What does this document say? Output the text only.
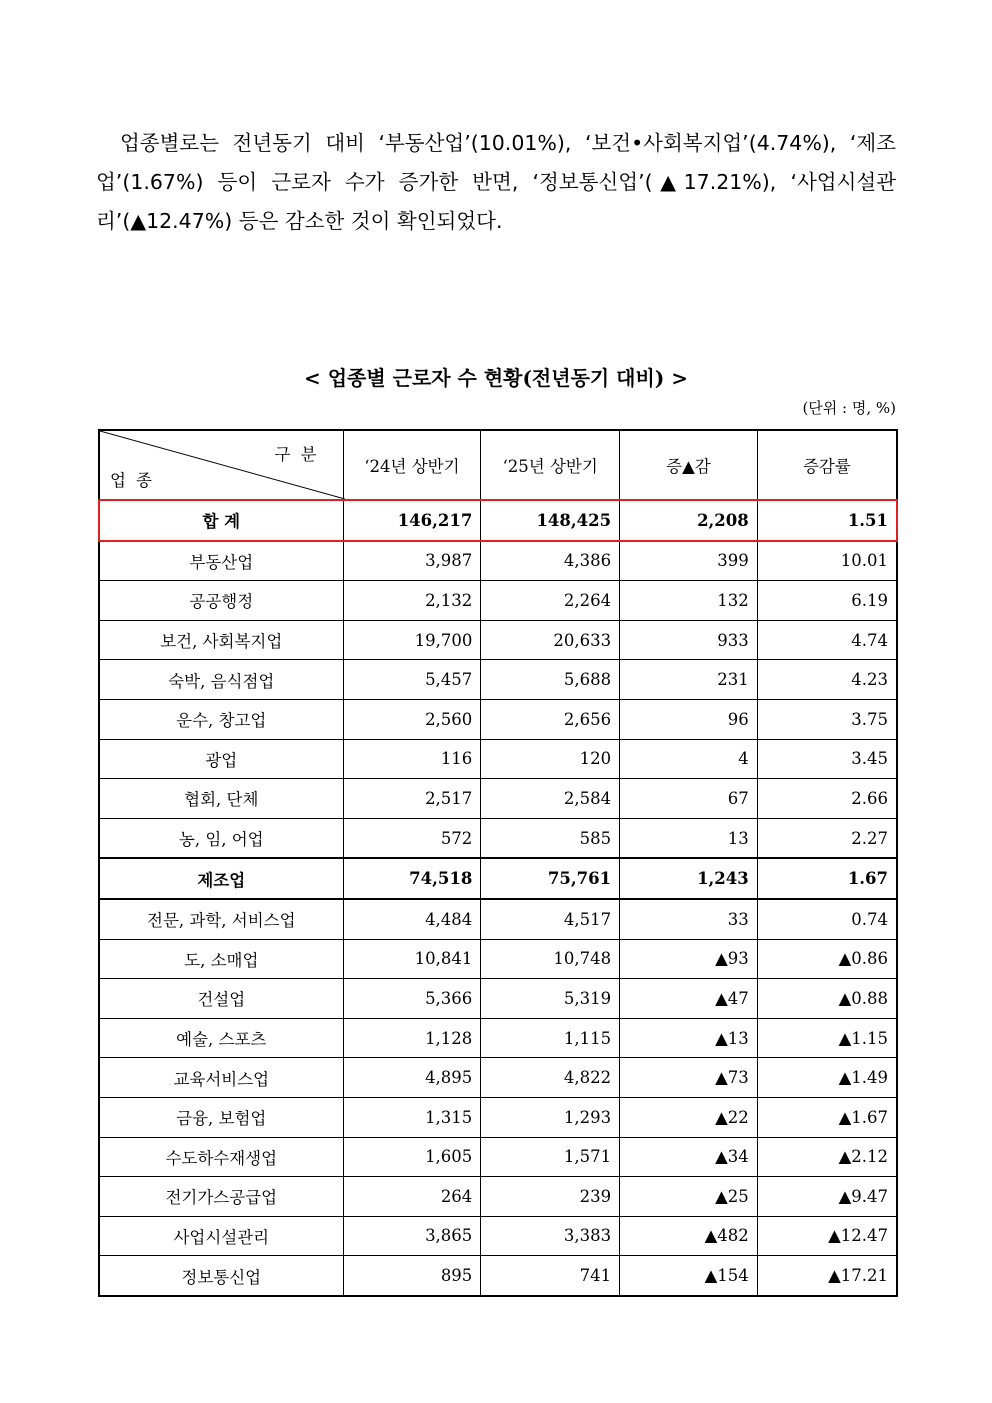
업종별로는 전년동기 대비 ‘부동산업’(10.01%), ‘보건•사회복지업’(4.74%), ‘제조업’(1.67%) 등이 근로자 수가 증가한 반면, ‘정보통신업’(▲17.21%), ‘사업시설관리’(▲12.47%) 등은 감소한 것이 확인되었다.
< 업종별 근로자 수 현황(전년동기 대비) >
(단위 : 명, %)
구분
업종	‘24년 상반기	‘25년 상반기	증▲감	증감률
합 계	146,217	148,425	2,208	1.51
부동산업	3,987	4,386	399	10.01
공공행정	2,132	2,264	132	6.19
보건, 사회복지업	19,700	20,633	933	4.74
숙박, 음식점업	5,457	5,688	231	4.23
운수, 창고업	2,560	2,656	96	3.75
광업	116	120	4	3.45
협회, 단체	2,517	2,584	67	2.66
농, 임, 어업	572	585	13	2.27
제조업	74,518	75,761	1,243	1.67
전문, 과학, 서비스업	4,484	4,517	33	0.74
도, 소매업	10,841	10,748	▲93	▲0.86
건설업	5,366	5,319	▲47	▲0.88
예술, 스포츠	1,128	1,115	▲13	▲1.15
교육서비스업	4,895	4,822	▲73	▲1.49
금융, 보험업	1,315	1,293	▲22	▲1.67
수도하수재생업	1,605	1,571	▲34	▲2.12
전기가스공급업	264	239	▲25	▲9.47
사업시설관리	3,865	3,383	▲482	▲12.47
정보통신업	895	741	▲154	▲17.21
